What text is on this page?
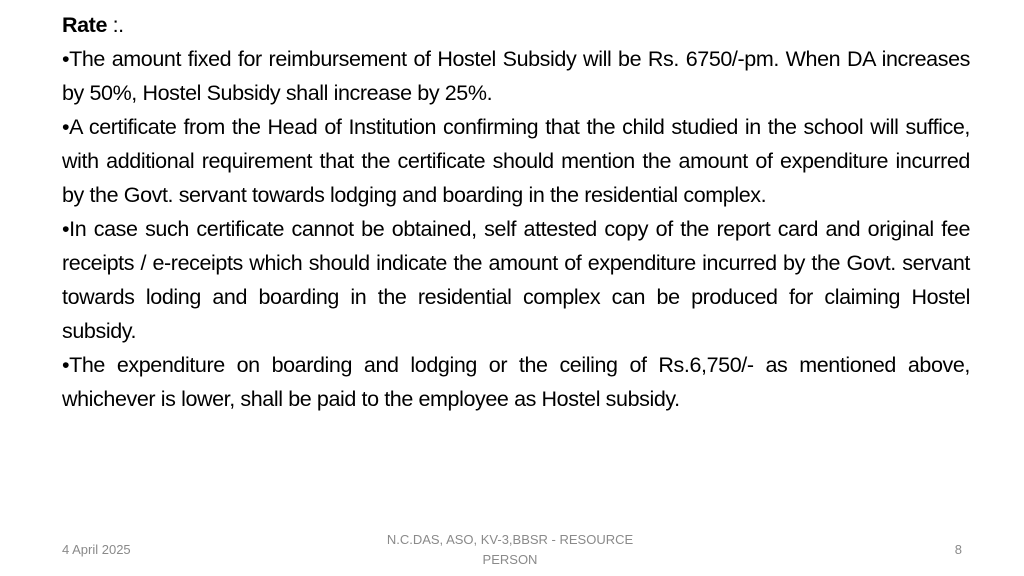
Rate :.
•The amount fixed for reimbursement of Hostel Subsidy will be Rs. 6750/-pm. When DA increases by 50%, Hostel Subsidy shall increase by 25%.
•A certificate from the Head of Institution confirming that the child studied in the school will suffice, with additional requirement that the certificate should mention the amount of expenditure incurred by the Govt. servant towards lodging and boarding in the residential complex.
•In case such certificate cannot be obtained, self attested copy of the report card and original fee receipts / e-receipts which should indicate the amount of expenditure incurred by the Govt. servant towards loding and boarding in the residential complex can be produced for claiming Hostel subsidy.
•The expenditure on boarding and lodging or the ceiling of Rs.6,750/- as mentioned above, whichever is lower, shall be paid to the employee as Hostel subsidy.
4 April 2025
N.C.DAS, ASO, KV-3,BBSR - RESOURCE PERSON
8
